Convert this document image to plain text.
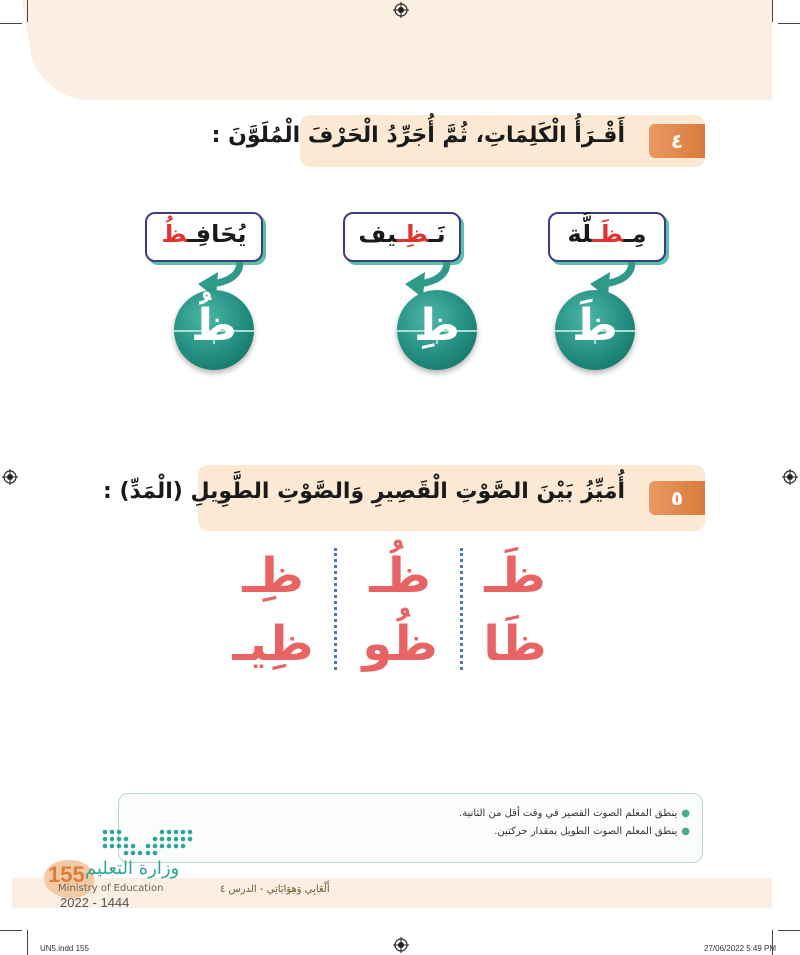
أَقْـرَأُ الْكَلِمَاتِ، ثُمَّ أُجَرِّدُ الْحَرْفَ الْمُلَوَّنَ :	٤
يُحَافِـظُ	نَـظِـيف	مِـظَـلَّة
ظُ	ظِ	ظَ
أُمَيِّزُ بَيْنَ الصَّوْتِ الْقَصِيرِ وَالصَّوْتِ الطَّوِيلِ (الْمَدِّ) :	٥
ظِـ ظُـ ظَـ
ظِيـ ظُو ظَا
●ينطق المعلم الصوت القصير في وقت أقل من الثانية.
●ينطق المعلم الصوت الطويل بمقدار حركتين.
155 وزارة التعليم
Ministry of Education
2022 - 1444
أَلْعَابِي وَهِوَايَاتِي - الدرس ٤
UN5.indd 155	27/06/2022 5:49 PM
